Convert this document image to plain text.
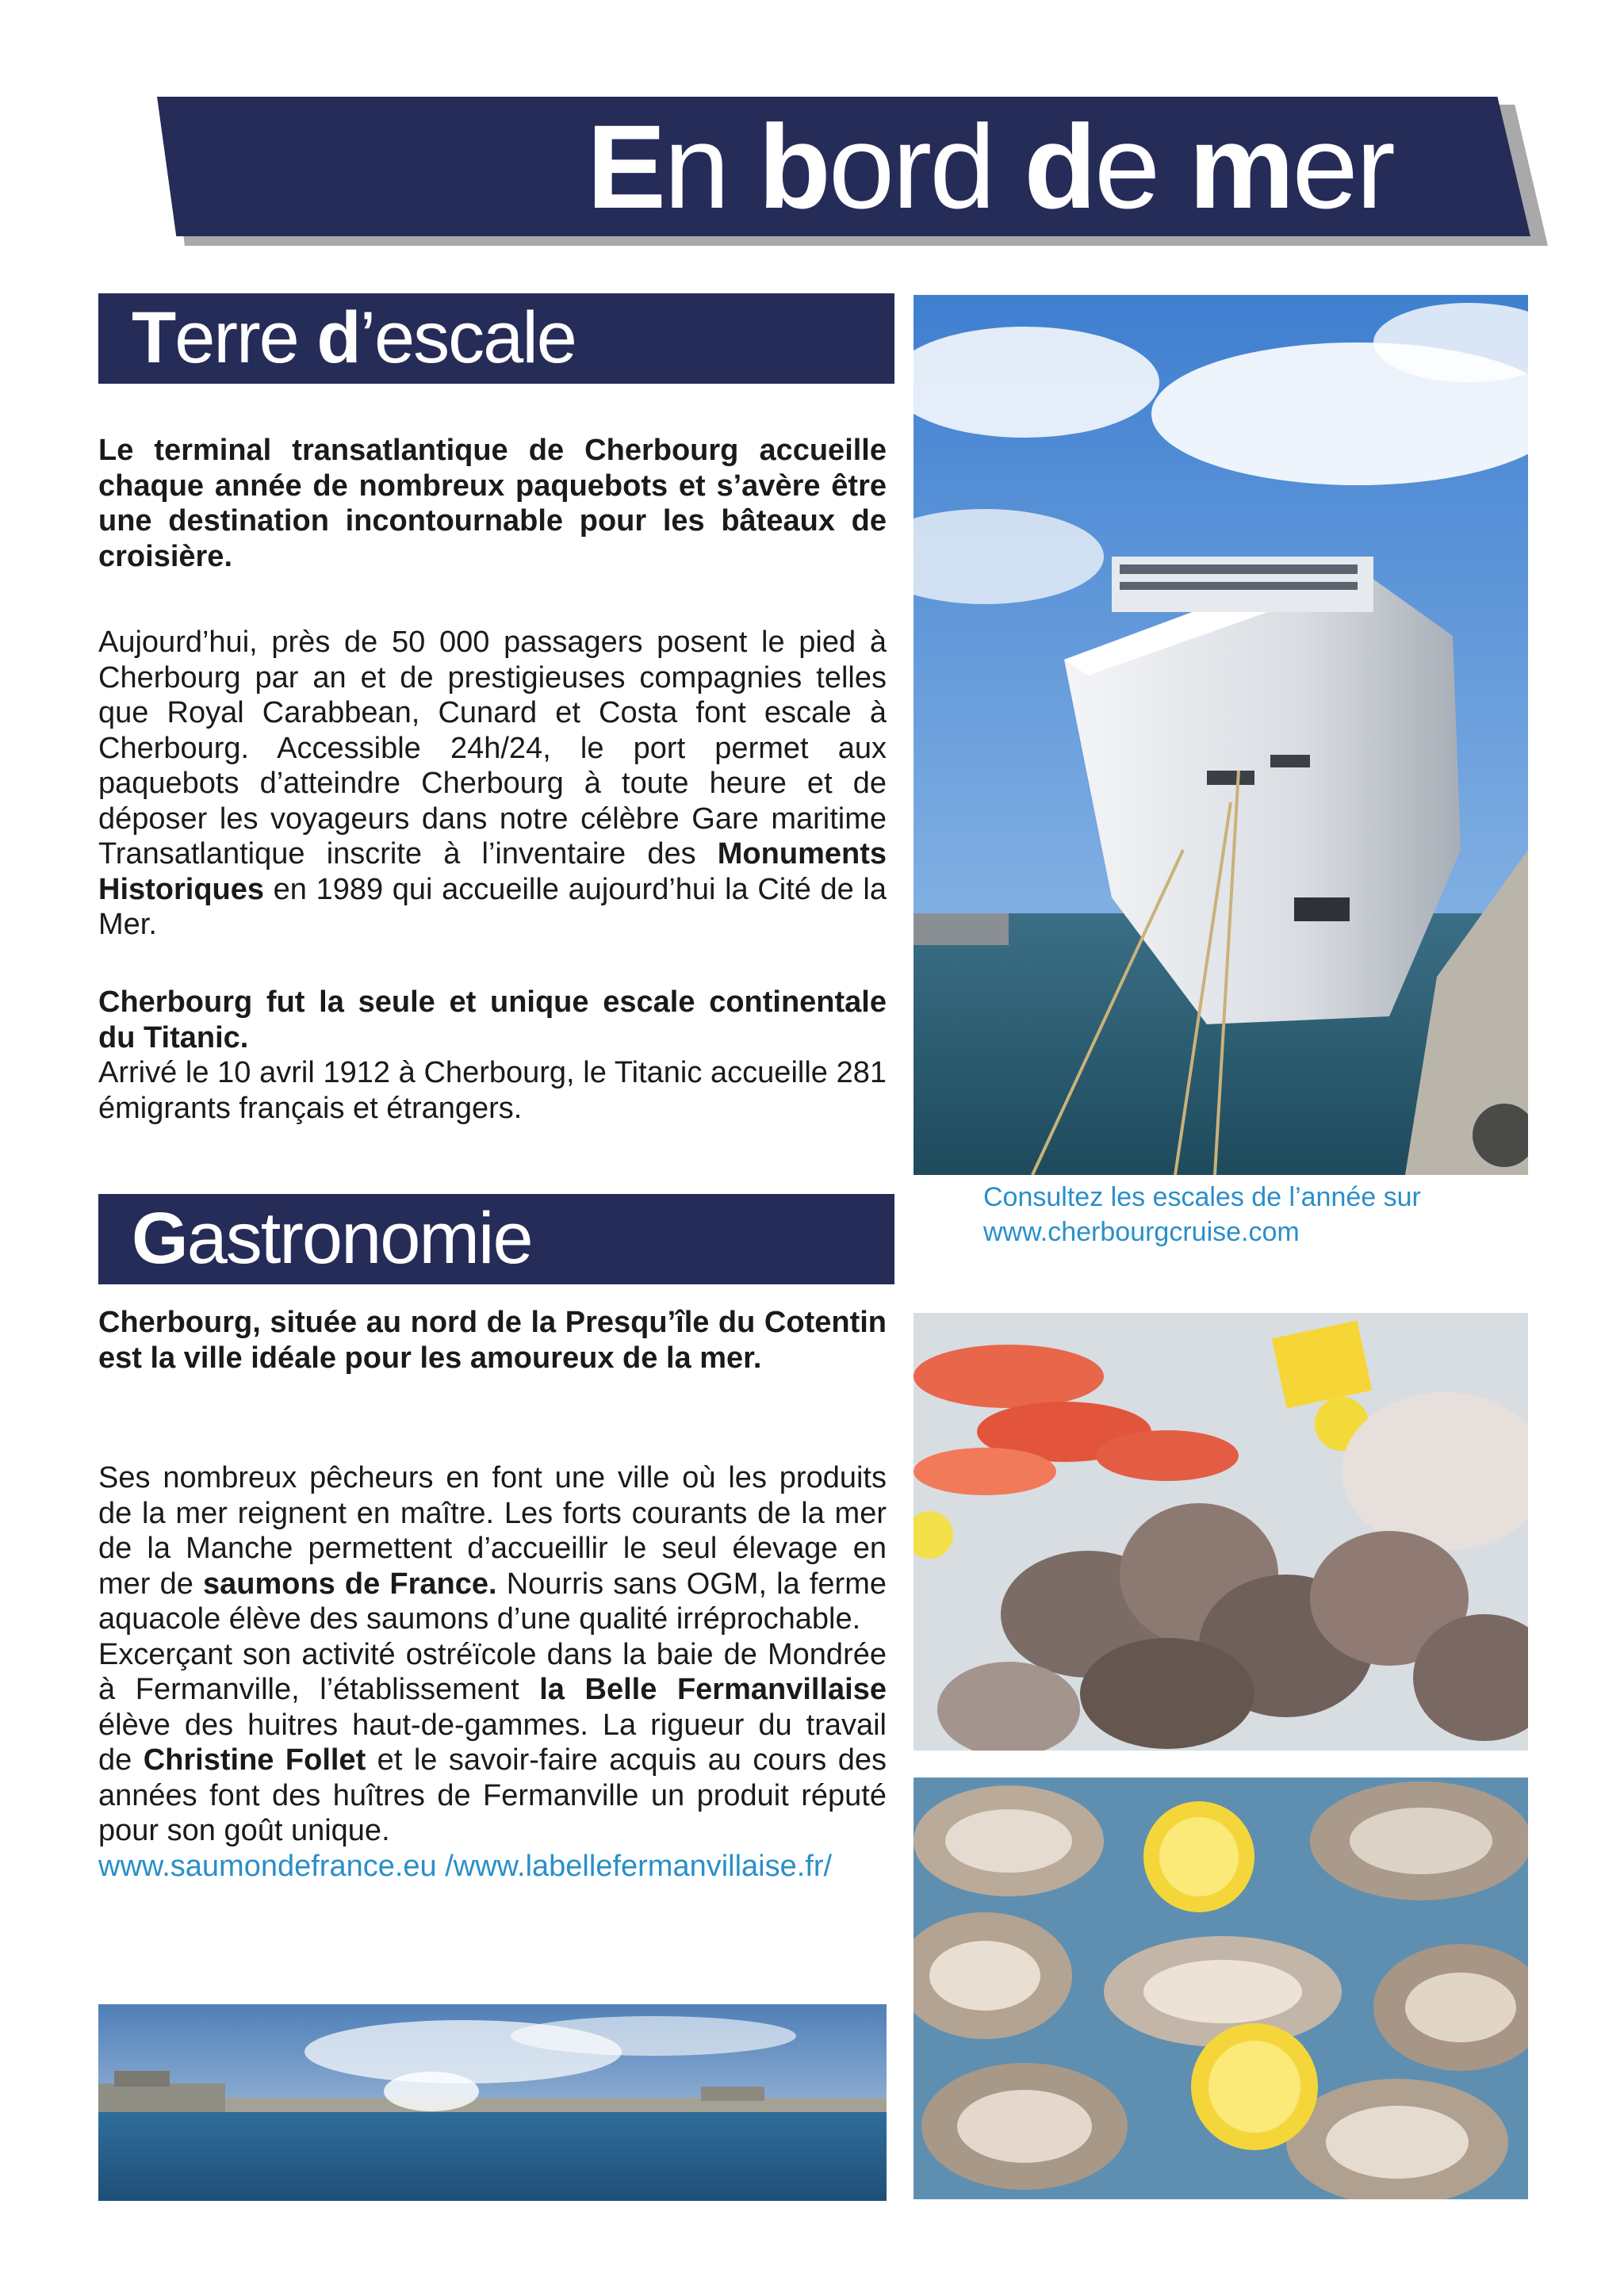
En bord de mer
Terre d’escale
Le terminal transatlantique de Cherbourg accueille chaque année de nombreux paquebots et s’avère être une destination incontournable pour les bâteaux de croisière.
Aujourd’hui, près de 50 000 passagers posent le pied à Cherbourg par an et de prestigieuses compagnies telles que Royal Carabbean, Cunard et Costa font escale à Cherbourg. Accessible 24h/24, le port permet aux paquebots d’atteindre Cherbourg à toute heure et de déposer les voyageurs dans notre célèbre Gare maritime Transatlantique inscrite à l’inventaire des Monuments Historiques en 1989 qui accueille aujourd’hui la Cité de la Mer.
Cherbourg fut la seule et unique escale continentale du Titanic.
Arrivé le 10 avril 1912 à Cherbourg, le Titanic accueille 281 émigrants français et étrangers.
Consultez les escales de l’année sur
www.cherbourgcruise.com
Gastronomie
Cherbourg, située au nord de la Presqu’île du Cotentin est la ville idéale pour les amoureux de la mer.
Ses nombreux pêcheurs en font une ville où les produits de la mer reignent en maître. Les forts courants de la mer de la Manche permettent d’accueillir le seul élevage en mer de saumons de France. Nourris sans OGM, la ferme aquacole élève des saumons d’une qualité irréprochable.
Excerçant son activité ostréïcole dans la baie de Mondrée à Fermanville, l’établissement la Belle Fermanvillaise élève des huitres haut-de-gammes. La rigueur du travail de Christine Follet et le savoir-faire acquis au cours des années font des huîtres de Fermanville un produit réputé pour son goût unique.
www.saumondefrance.eu /www.labellefermanvillaise.fr/
